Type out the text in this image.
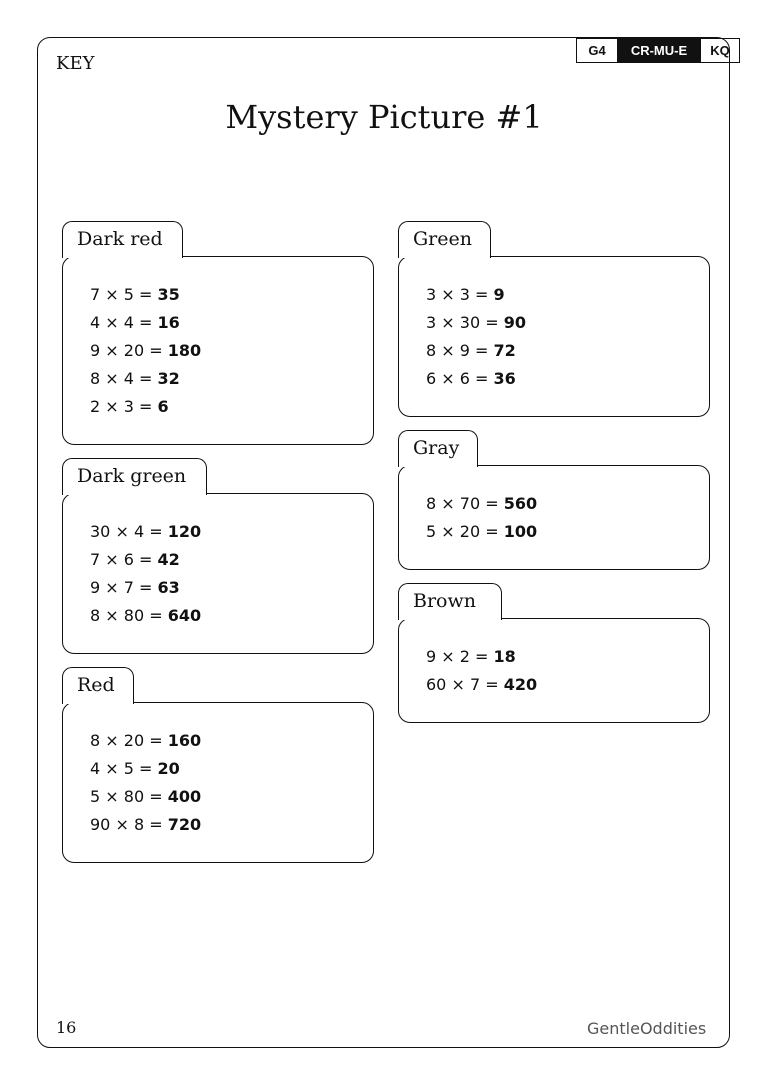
KEY
G4	CR-MU-E	KQ
Mystery Picture #1
Dark red
7 × 5 = 35
4 × 4 = 16
9 × 20 = 180
8 × 4 = 32
2 × 3 = 6
Dark green
30 × 4 = 120
7 × 6 = 42
9 × 7 = 63
8 × 80 = 640
Red
8 × 20 = 160
4 × 5 = 20
5 × 80 = 400
90 × 8 = 720
Green
3 × 3 = 9
3 × 30 = 90
8 × 9 = 72
6 × 6 = 36
Gray
8 × 70 = 560
5 × 20 = 100
Brown
9 × 2 = 18
60 × 7 = 420
16	GentleOddities
